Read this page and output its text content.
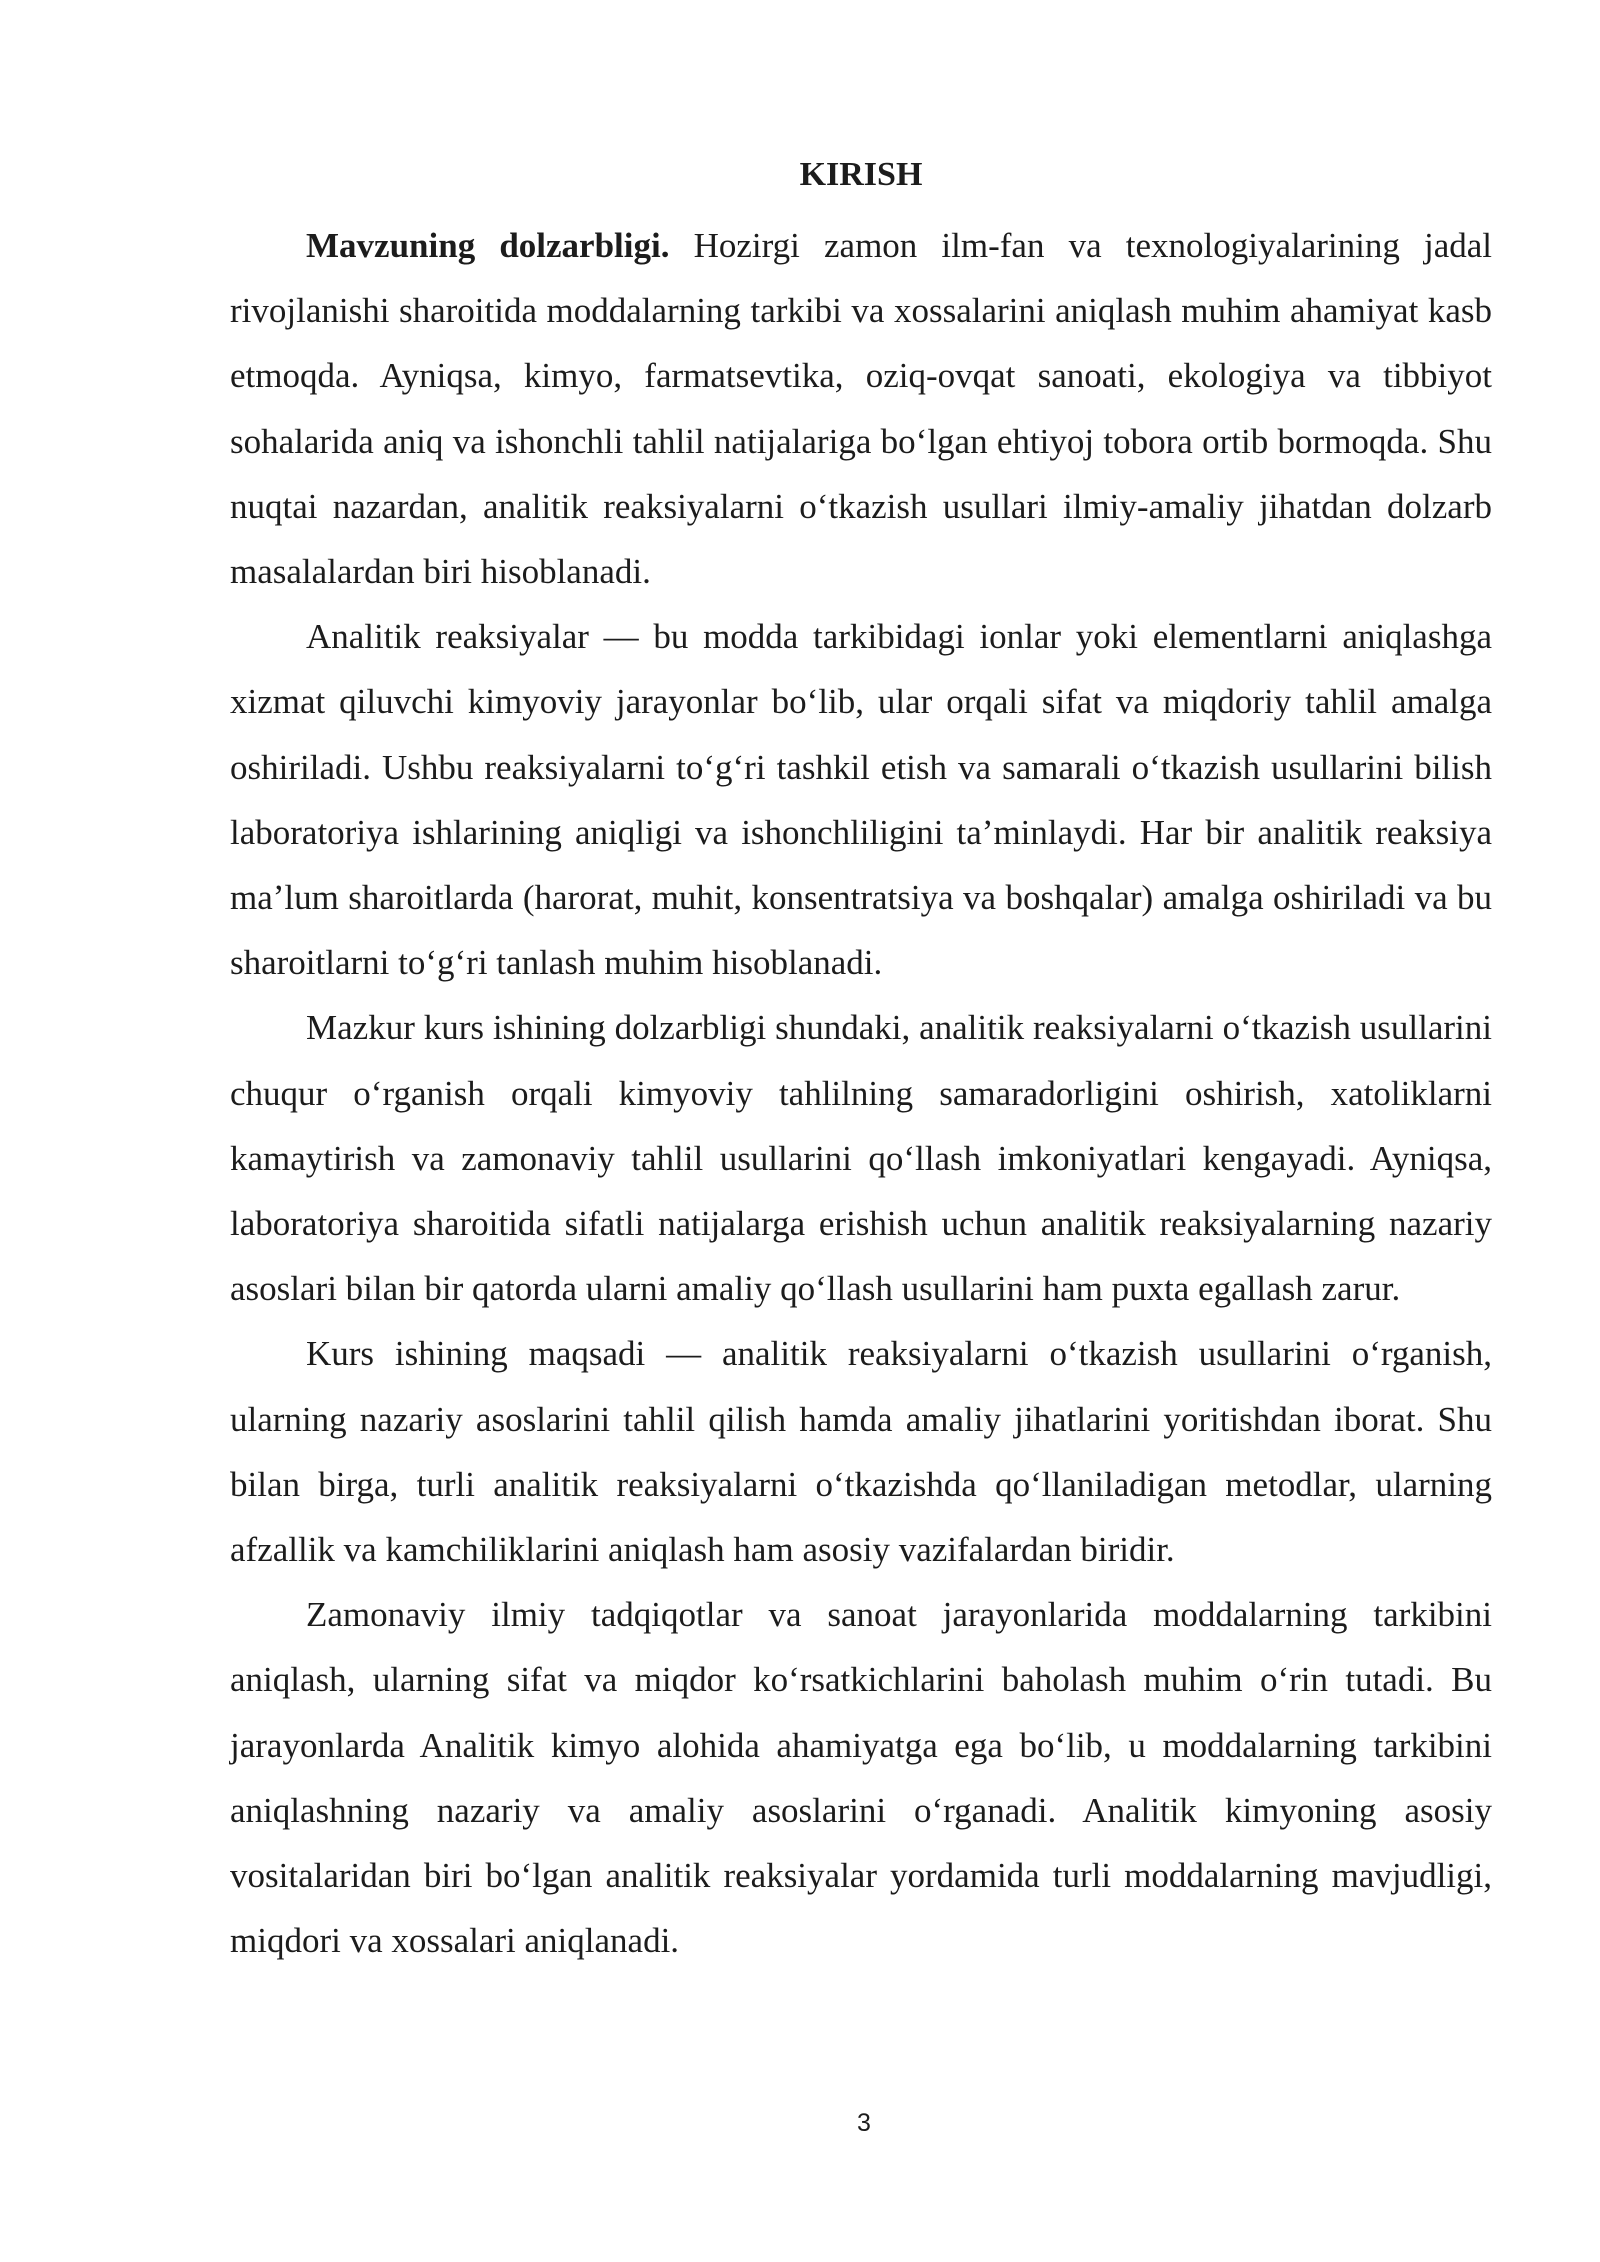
KIRISH

Mavzuning dolzarbligi. Hozirgi zamon ilm-fan va texnologiyalarining jadal rivojlanishi sharoitida moddalarning tarkibi va xossalarini aniqlash muhim ahamiyat kasb etmoqda. Ayniqsa, kimyo, farmatsevtika, oziq-ovqat sanoati, ekologiya va tibbiyot sohalarida aniq va ishonchli tahlil natijalariga boʻlgan ehtiyoj tobora ortib bormoqda. Shu nuqtai nazardan, analitik reaksiyalarni oʻtkazish usullari ilmiy-amaliy jihatdan dolzarb masalalardan biri hisoblanadi.

Analitik reaksiyalar — bu modda tarkibidagi ionlar yoki elementlarni aniqlashga xizmat qiluvchi kimyoviy jarayonlar boʻlib, ular orqali sifat va miqdoriy tahlil amalga oshiriladi. Ushbu reaksiyalarni toʻgʻri tashkil etish va samarali oʻtkazish usullarini bilish laboratoriya ishlarining aniqligi va ishonchliligini taʼminlaydi. Har bir analitik reaksiya maʼlum sharoitlarda (harorat, muhit, konsentratsiya va boshqalar) amalga oshiriladi va bu sharoitlarni toʻgʻri tanlash muhim hisoblanadi.

Mazkur kurs ishining dolzarbligi shundaki, analitik reaksiyalarni oʻtkazish usullarini chuqur oʻrganish orqali kimyoviy tahlilning samaradorligini oshirish, xatoliklarni kamaytirish va zamonaviy tahlil usullarini qoʻllash imkoniyatlari kengayadi. Ayniqsa, laboratoriya sharoitida sifatli natijalarga erishish uchun analitik reaksiyalarning nazariy asoslari bilan bir qatorda ularni amaliy qoʻllash usullarini ham puxta egallash zarur.

Kurs ishining maqsadi — analitik reaksiyalarni oʻtkazish usullarini oʻrganish, ularning nazariy asoslarini tahlil qilish hamda amaliy jihatlarini yoritishdan iborat. Shu bilan birga, turli analitik reaksiyalarni oʻtkazishda qoʻllaniladigan metodlar, ularning afzallik va kamchiliklarini aniqlash ham asosiy vazifalardan biridir.

Zamonaviy ilmiy tadqiqotlar va sanoat jarayonlarida moddalarning tarkibini aniqlash, ularning sifat va miqdor koʻrsatkichlarini baholash muhim oʻrin tutadi. Bu jarayonlarda Analitik kimyo alohida ahamiyatga ega boʻlib, u moddalarning tarkibini aniqlashning nazariy va amaliy asoslarini oʻrganadi. Analitik kimyoning asosiy vositalaridan biri boʻlgan analitik reaksiyalar yordamida turli moddalarning mavjudligi, miqdori va xossalari aniqlanadi.

3
